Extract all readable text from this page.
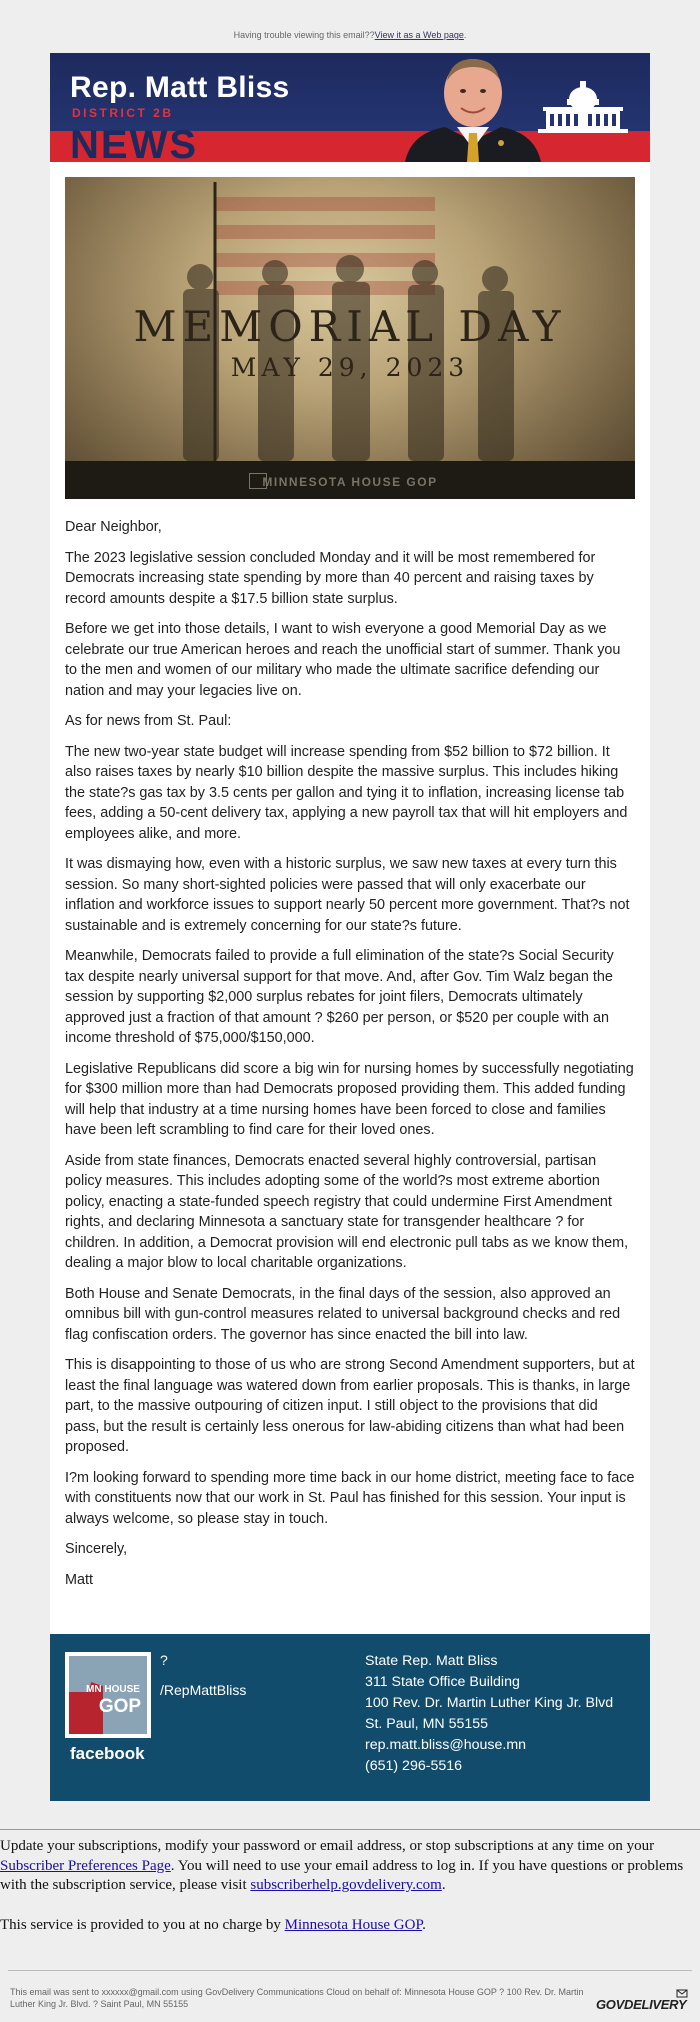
Having trouble viewing this email??View it as a Web page.
Rep. Matt Bliss
DISTRICT 2B
NEWS
MEMORIAL DAY
MAY 29, 2023
MINNESOTA HOUSE GOP

Dear Neighbor,

The 2023 legislative session concluded Monday and it will be most remembered for Democrats increasing state spending by more than 40 percent and raising taxes by record amounts despite a $17.5 billion state surplus.

Before we get into those details, I want to wish everyone a good Memorial Day as we celebrate our true American heroes and reach the unofficial start of summer. Thank you to the men and women of our military who made the ultimate sacrifice defending our nation and may your legacies live on.

As for news from St. Paul:

The new two-year state budget will increase spending from $52 billion to $72 billion. It also raises taxes by nearly $10 billion despite the massive surplus. This includes hiking the state?s gas tax by 3.5 cents per gallon and tying it to inflation, increasing license tab fees, adding a 50-cent delivery tax, applying a new payroll tax that will hit employers and employees alike, and more.

It was dismaying how, even with a historic surplus, we saw new taxes at every turn this session. So many short-sighted policies were passed that will only exacerbate our inflation and workforce issues to support nearly 50 percent more government. That?s not sustainable and is extremely concerning for our state?s future.

Meanwhile, Democrats failed to provide a full elimination of the state?s Social Security tax despite nearly universal support for that move. And, after Gov. Tim Walz began the session by supporting $2,000 surplus rebates for joint filers, Democrats ultimately approved just a fraction of that amount ? $260 per person, or $520 per couple with an income threshold of $75,000/$150,000.

Legislative Republicans did score a big win for nursing homes by successfully negotiating for $300 million more than had Democrats proposed providing them. This added funding will help that industry at a time nursing homes have been forced to close and families have been left scrambling to find care for their loved ones.

Aside from state finances, Democrats enacted several highly controversial, partisan policy measures. This includes adopting some of the world?s most extreme abortion policy, enacting a state-funded speech registry that could undermine First Amendment rights, and declaring Minnesota a sanctuary state for transgender healthcare ? for children. In addition, a Democrat provision will end electronic pull tabs as we know them, dealing a major blow to local charitable organizations.

Both House and Senate Democrats, in the final days of the session, also approved an omnibus bill with gun-control measures related to universal background checks and red flag confiscation orders. The governor has since enacted the bill into law.

This is disappointing to those of us who are strong Second Amendment supporters, but at least the final language was watered down from earlier proposals. This is thanks, in large part, to the massive outpouring of citizen input. I still object to the provisions that did pass, but the result is certainly less onerous for law-abiding citizens than what had been proposed.

I?m looking forward to spending more time back in our home district, meeting face to face with constituents now that our work in St. Paul has finished for this session. Your input is always welcome, so please stay in touch.

Sincerely,

Matt

MN HOUSE
GOP
facebook
?
/RepMattBliss
State Rep. Matt Bliss
311 State Office Building
100 Rev. Dr. Martin Luther King Jr. Blvd
St. Paul, MN 55155
rep.matt.bliss@house.mn
(651) 296-5516
Update your subscriptions, modify your password or email address, or stop subscriptions at any time on your Subscriber Preferences Page. You will need to use your email address to log in. If you have questions or problems with the subscription service, please visit subscriberhelp.govdelivery.com.
This service is provided to you at no charge by Minnesota House GOP.
This email was sent to xxxxxx@gmail.com using GovDelivery Communications Cloud on behalf of: Minnesota House GOP ? 100 Rev. Dr. Martin Luther King Jr. Blvd. ? Saint Paul, MN 55155	GOVDELIVERY
